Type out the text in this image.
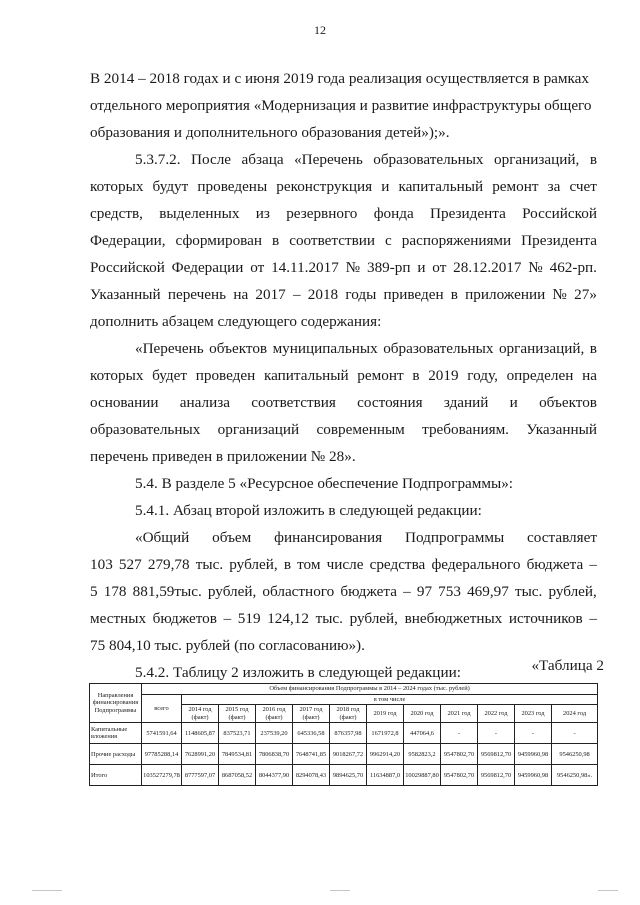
12
В 2014 – 2018 годах и с июня 2019 года реализация осуществляется в рамках
отдельного мероприятия «Модернизация и развитие инфраструктуры общего
образования и дополнительного образования детей»);».
5.3.7.2. После абзаца «Перечень образовательных организаций, в
которых будут проведены реконструкция и капитальный ремонт за счет
средств, выделенных из резервного фонда Президента Российской
Федерации, сформирован в соответствии с распоряжениями Президента
Российской Федерации от 14.11.2017 № 389-рп и от 28.12.2017 № 462-рп.
Указанный перечень на 2017 – 2018 годы приведен в приложении № 27»
дополнить абзацем следующего содержания:
«Перечень объектов муниципальных образовательных организаций, в
которых будет проведен капитальный ремонт в 2019 году, определен на
основании анализа соответствия состояния зданий и объектов
образовательных организаций современным требованиям. Указанный
перечень приведен в приложении № 28».
5.4. В разделе 5 «Ресурсное обеспечение Подпрограммы»:
5.4.1. Абзац второй изложить в следующей редакции:
«Общий объем финансирования Подпрограммы составляет
103 527 279,78 тыс. рублей, в том числе средства федерального бюджета –
5 178 881,59тыс. рублей, областного бюджета – 97 753 469,97 тыс. рублей,
местных бюджетов – 519 124,12 тыс. рублей, внебюджетных источников –
75 804,10 тыс. рублей (по согласованию»).
5.4.2. Таблицу 2 изложить в следующей редакции:	«Таблица 2
Направления финансирования Подпрограммы	Объем финансирования Подпрограммы в 2014 – 2024 годах (тыс. рублей)											
	всего	в том числе										
		2014 год (факт)	2015 год (факт)	2016 год (факт)	2017 год (факт)	2018 год (факт)	2019 год	2020 год	2021 год	2022 год	2023 год	2024 год
Капитальные вложения	5741591,64	1148605,87	837523,71	237539,20	645336,58	876357,98	1671972,8	447064,6	-	-	-	-
Прочие расходы	97785288,14	7628991,20	7849534,81	7806838,70	7648741,85	9018267,72	9962914,20	9582823,2	9547802,70	9569812,70	9459960,98	9546250,98
Итого	103527279,78	8777597,07	8687058,52	8044377,90	8294078,43	9894625,70	11634887,0	10029887,80	9547802,70	9569812,70	9459960,98	9546250,98».
